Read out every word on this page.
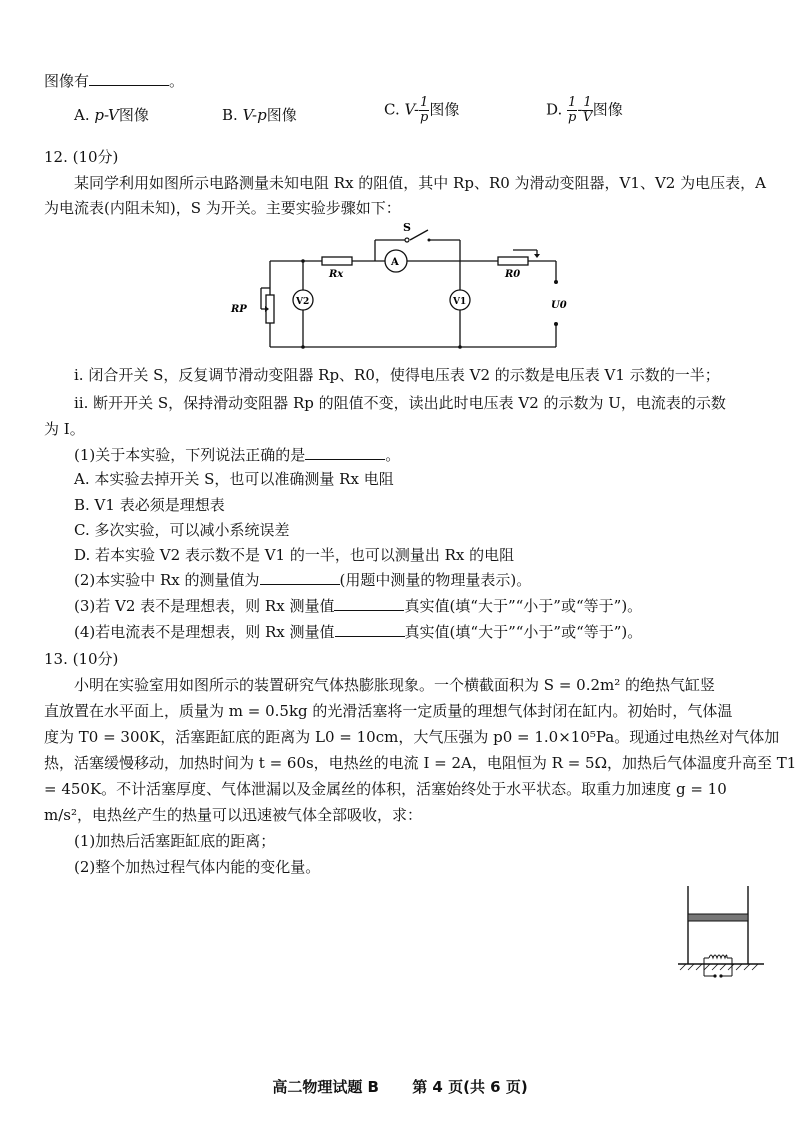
图像有	。
A. p-V图像	B. V-p图像	C. $V- \frac{1}{p}$ 图像	D. $\frac{1}{p} - \frac{1}{V}$ 图像
12. (10分)
某同学利用如图所示电路测量未知电阻 Rx 的阻值，其中 Rp、R0 为滑动变阻器，V1、V2 为电压表，A
为电流表(内阻未知)，S 为开关。主要实验步骤如下：
S
Rx
A
R0
RP
V2	V1	U0
ⅰ. 闭合开关 S，反复调节滑动变阻器 Rp、R0，使得电压表 V2 的示数是电压表 V1 示数的一半；
ⅱ. 断开开关 S，保持滑动变阻器 Rp 的阻值不变，读出此时电压表 V2 的示数为 U，电流表的示数
为 I。
(1)关于本实验，下列说法正确的是	。
A. 本实验去掉开关 S，也可以准确测量 Rx 电阻
B. V1 表必须是理想表
C. 多次实验，可以减小系统误差
D. 若本实验 V2 表示数不是 V1 的一半，也可以测量出 Rx 的电阻
(2)本实验中 Rx 的测量值为	(用题中测量的物理量表示)。
(3)若 V2 表不是理想表，则 Rx 测量值	真实值(填“大于”“小于”或“等于”)。
(4)若电流表不是理想表，则 Rx 测量值	真实值(填“大于”“小于”或“等于”)。
13. (10分)
小明在实验室用如图所示的装置研究气体热膨胀现象。一个横截面积为 S = 0.2m² 的绝热气缸竖
直放置在水平面上，质量为 m = 0.5kg 的光滑活塞将一定质量的理想气体封闭在缸内。初始时，气体温
度为 T0 = 300K，活塞距缸底的距离为 L0 = 10cm，大气压强为 p0 = 1.0×10⁵Pa。现通过电热丝对气体加
热，活塞缓慢移动，加热时间为 t = 60s，电热丝的电流 I = 2A，电阻恒为 R = 5Ω，加热后气体温度升高至 T1
= 450K。不计活塞厚度、气体泄漏以及金属丝的体积，活塞始终处于水平状态。取重力加速度 g = 10
m/s²，电热丝产生的热量可以迅速被气体全部吸收，求：
(1)加热后活塞距缸底的距离；
(2)整个加热过程气体内能的变化量。
高二物理试题 B 第 4 页(共 6 页)
